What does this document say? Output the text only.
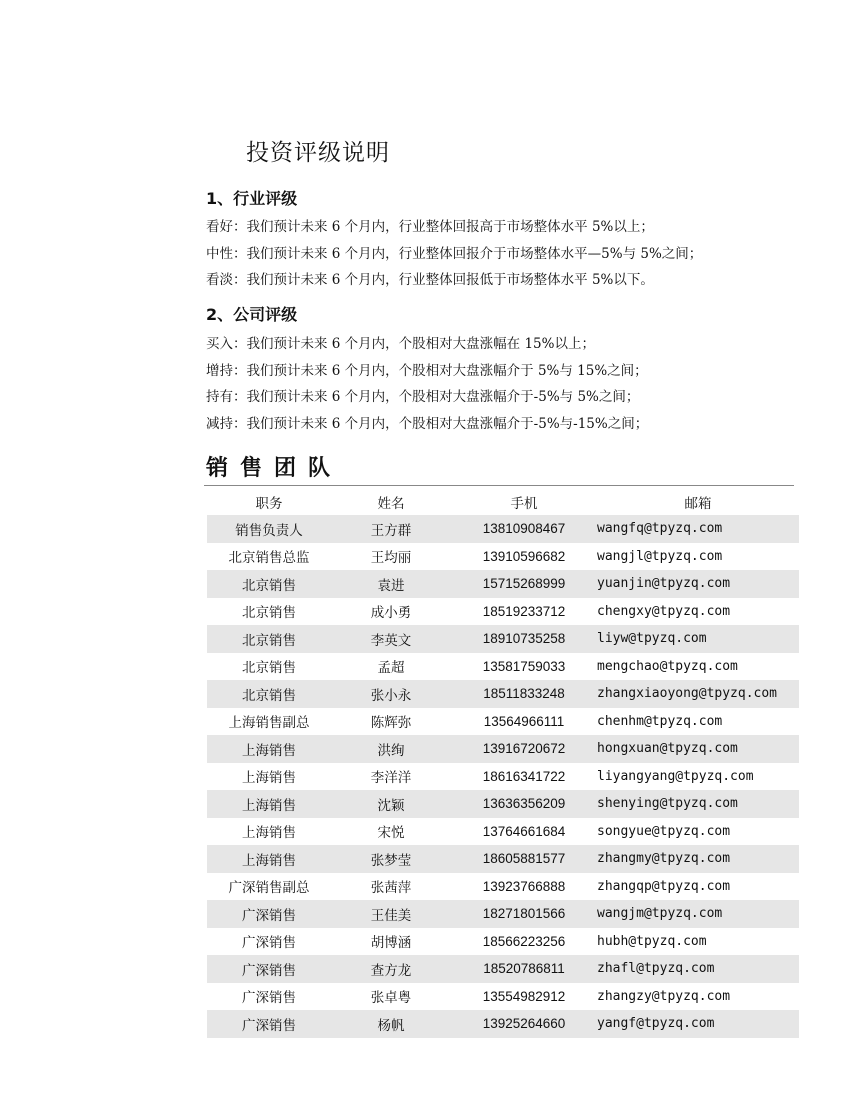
投资评级说明
1、行业评级
看好：我们预计未来 6 个月内，行业整体回报高于市场整体水平 5%以上；
中性：我们预计未来 6 个月内，行业整体回报介于市场整体水平—5%与 5%之间；
看淡：我们预计未来 6 个月内，行业整体回报低于市场整体水平 5%以下。
2、公司评级
买入：我们预计未来 6 个月内，个股相对大盘涨幅在 15%以上；
增持：我们预计未来 6 个月内，个股相对大盘涨幅介于 5%与 15%之间；
持有：我们预计未来 6 个月内，个股相对大盘涨幅介于-5%与 5%之间；
减持：我们预计未来 6 个月内，个股相对大盘涨幅介于-5%与-15%之间；
销售团队
职务	姓名	手机	邮箱
销售负责人	王方群	13810908467	wangfq@tpyzq.com
北京销售总监	王均丽	13910596682	wangjl@tpyzq.com
北京销售	袁进	15715268999	yuanjin@tpyzq.com
北京销售	成小勇	18519233712	chengxy@tpyzq.com
北京销售	李英文	18910735258	liyw@tpyzq.com
北京销售	孟超	13581759033	mengchao@tpyzq.com
北京销售	张小永	18511833248	zhangxiaoyong@tpyzq.com
上海销售副总	陈辉弥	13564966111	chenhm@tpyzq.com
上海销售	洪绚	13916720672	hongxuan@tpyzq.com
上海销售	李洋洋	18616341722	liyangyang@tpyzq.com
上海销售	沈颖	13636356209	shenying@tpyzq.com
上海销售	宋悦	13764661684	songyue@tpyzq.com
上海销售	张梦莹	18605881577	zhangmy@tpyzq.com
广深销售副总	张茜萍	13923766888	zhangqp@tpyzq.com
广深销售	王佳美	18271801566	wangjm@tpyzq.com
广深销售	胡博涵	18566223256	hubh@tpyzq.com
广深销售	查方龙	18520786811	zhafl@tpyzq.com
广深销售	张卓粤	13554982912	zhangzy@tpyzq.com
广深销售	杨帆	13925264660	yangf@tpyzq.com
